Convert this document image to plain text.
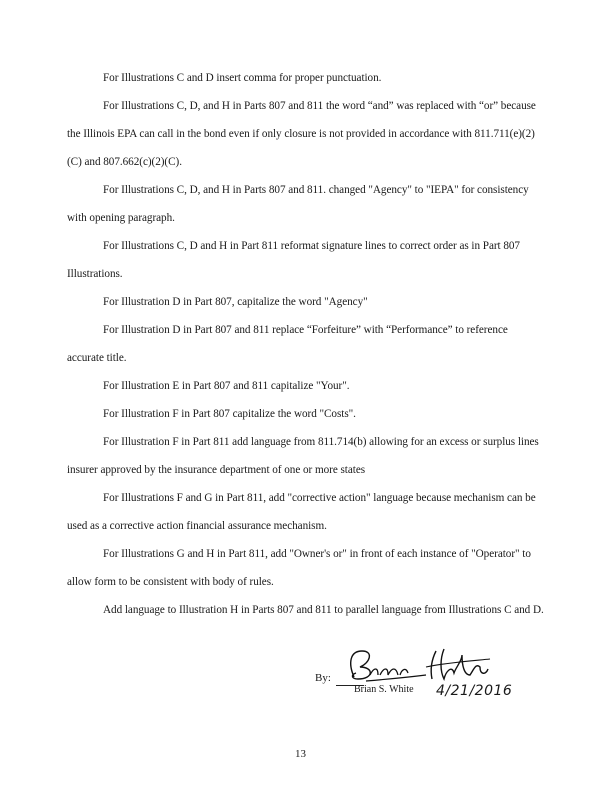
For Illustrations C and D insert comma for proper punctuation.

For Illustrations C, D, and H in Parts 807 and 811 the word “and” was replaced with “or” because the Illinois EPA can call in the bond even if only closure is not provided in accordance with 811.711(e)(2)(C) and 807.662(c)(2)(C).

For Illustrations C, D, and H in Parts 807 and 811. changed "Agency" to "IEPA" for consistency with opening paragraph.

For Illustrations C, D and H in Part 811 reformat signature lines to correct order as in Part 807 Illustrations.

For Illustration D in Part 807, capitalize the word "Agency"

For Illustration D in Part 807 and 811 replace “Forfeiture” with “Performance” to reference accurate title.

For Illustration E in Part 807 and 811 capitalize "Your".

For Illustration F in Part 807 capitalize the word "Costs".

For Illustration F in Part 811 add language from 811.714(b) allowing for an excess or surplus lines insurer approved by the insurance department of one or more states

For Illustrations F and G in Part 811, add "corrective action" language because mechanism can be used as a corrective action financial assurance mechanism.

For Illustrations G and H in Part 811, add "Owner's or" in front of each instance of "Operator" to allow form to be consistent with body of rules.

Add language to Illustration H in Parts 807 and 811 to parallel language from Illustrations C and D.

By:
Brian S. White 4/21/2016
13
